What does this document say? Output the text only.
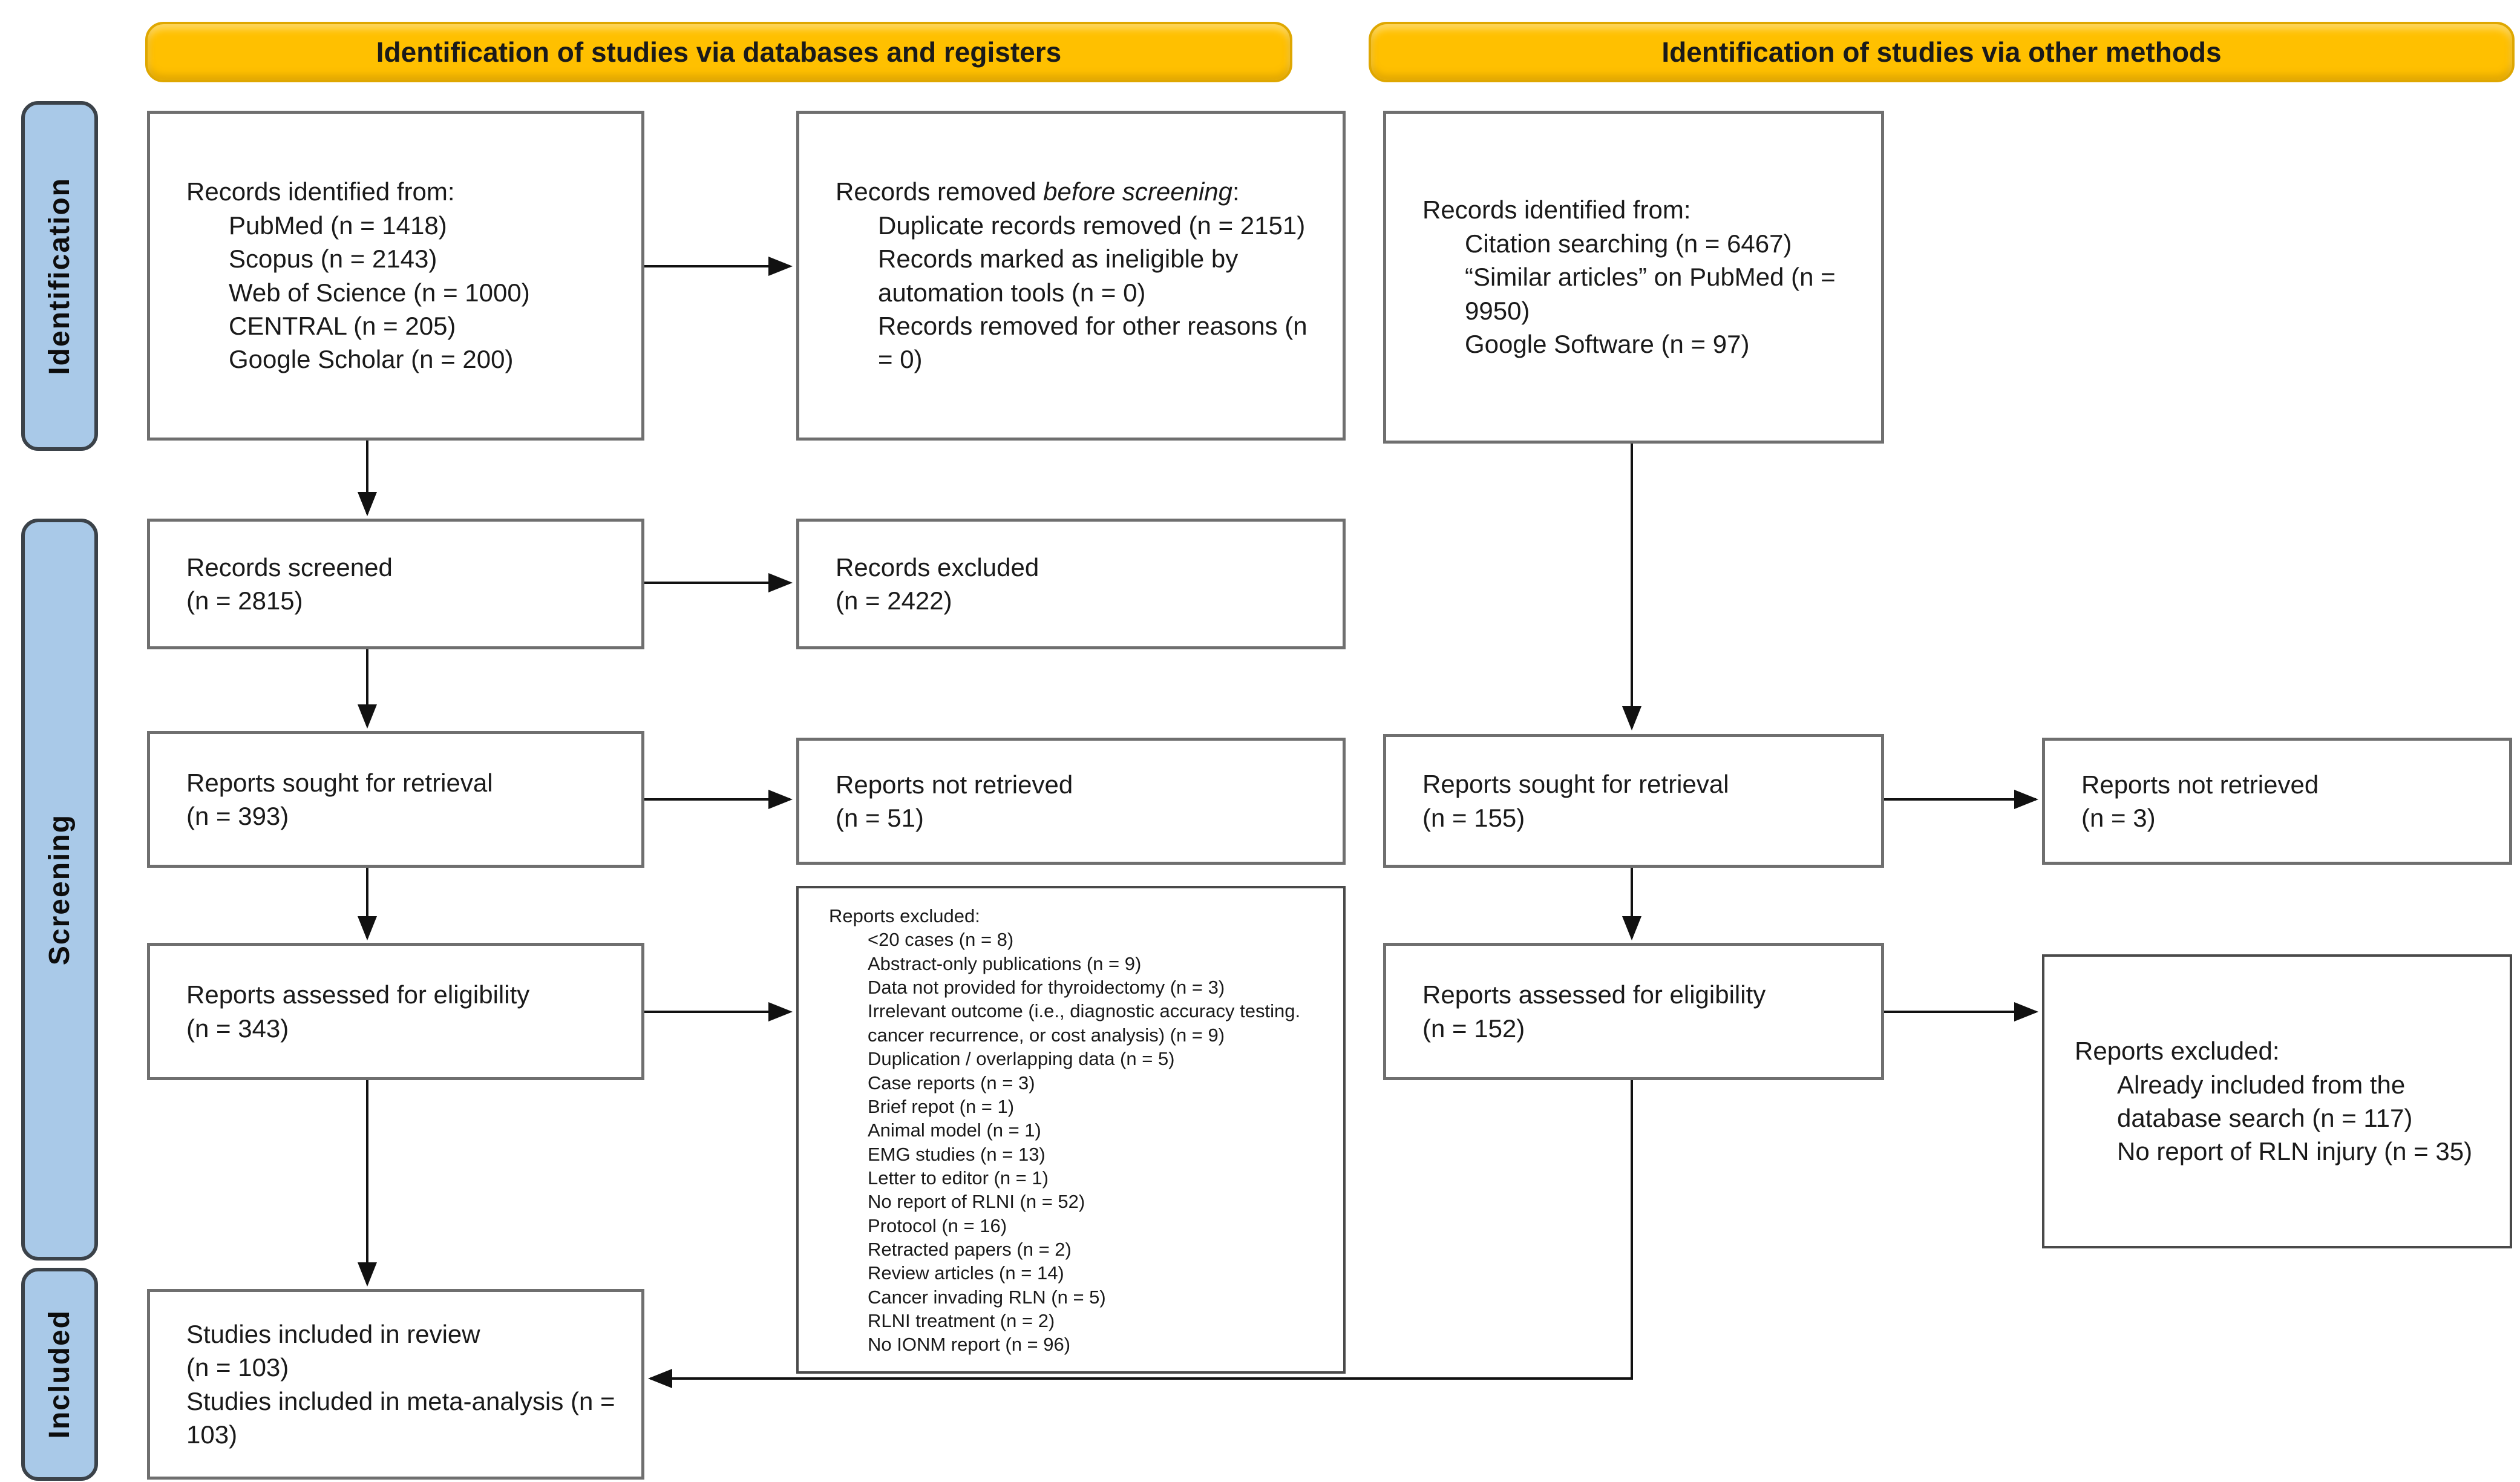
Identification of studies via databases and registers	Identification of studies via other methods
Identification
Screening
Included
Records identified from:
PubMed (n = 1418)
Scopus (n = 2143)
Web of Science (n = 1000)
CENTRAL (n = 205)
Google Scholar (n = 200)
Records removed before screening:
Duplicate records removed (n = 2151)
Records marked as ineligible by automation tools (n = 0)
Records removed for other reasons (n = 0)
Records identified from:
Citation searching (n = 6467)
“Similar articles” on PubMed (n = 9950)
Google Software (n = 97)
Records screened
(n = 2815)
Records excluded
(n = 2422)
Reports sought for retrieval
(n = 393)
Reports not retrieved
(n = 51)
Reports sought for retrieval
(n = 155)
Reports not retrieved
(n = 3)
Reports assessed for eligibility
(n = 343)
Reports excluded:
<20 cases (n = 8)
Abstract-only publications (n = 9)
Data not provided for thyroidectomy (n = 3)
Irrelevant outcome (i.e., diagnostic accuracy testing. cancer recurrence, or cost analysis) (n = 9)
Duplication / overlapping data (n = 5)
Case reports (n = 3)
Brief repot (n = 1)
Animal model (n = 1)
EMG studies (n = 13)
Letter to editor (n = 1)
No report of RLNI (n = 52)
Protocol (n = 16)
Retracted papers (n = 2)
Review articles (n = 14)
Cancer invading RLN (n = 5)
RLNI treatment (n = 2)
No IONM report (n = 96)
Reports assessed for eligibility
(n = 152)
Reports excluded:
Already included from the database search (n = 117)
No report of RLN injury (n = 35)
Studies included in review
(n = 103)
Studies included in meta-analysis (n = 103)
